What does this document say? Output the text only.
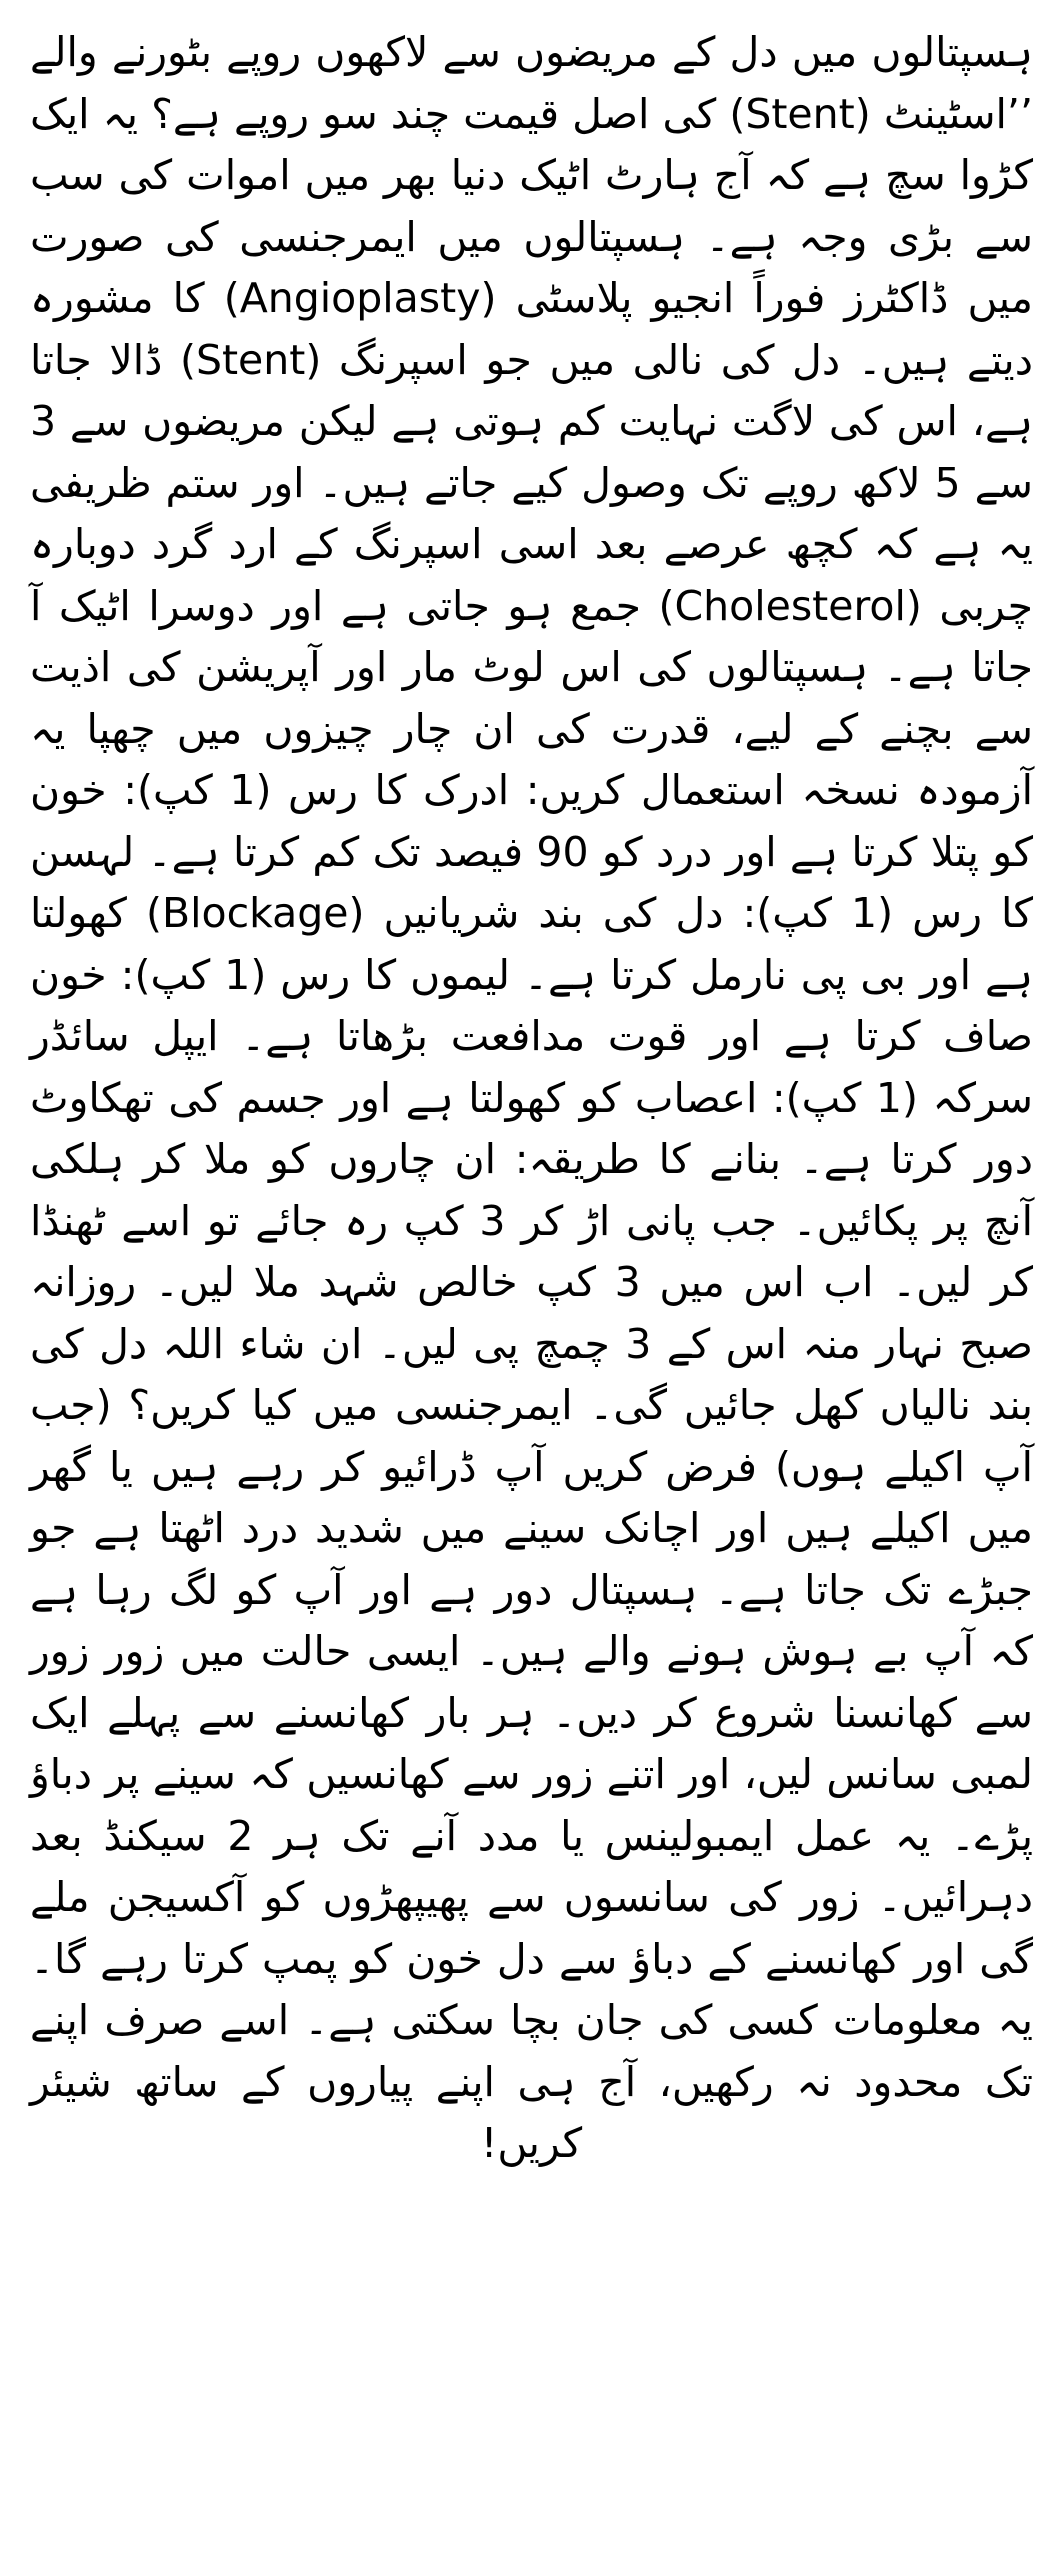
ہسپتالوں میں دل کے مریضوں سے لاکھوں روپے بٹورنے والے ’’اسٹینٹ (Stent) کی اصل قیمت چند سو روپے ہے؟ یہ ایک کڑوا سچ ہے کہ آج ہارٹ اٹیک دنیا بھر میں اموات کی سب سے بڑی وجہ ہے۔ ہسپتالوں میں ایمرجنسی کی صورت میں ڈاکٹرز فوراً انجیو پلاسٹی (Angioplasty) کا مشورہ دیتے ہیں۔ دل کی نالی میں جو اسپرنگ (Stent) ڈالا جاتا ہے، اس کی لاگت نہایت کم ہوتی ہے لیکن مریضوں سے 3 سے 5 لاکھ روپے تک وصول کیے جاتے ہیں۔ اور ستم ظریفی یہ ہے کہ کچھ عرصے بعد اسی اسپرنگ کے ارد گرد دوبارہ چربی (Cholesterol) جمع ہو جاتی ہے اور دوسرا اٹیک آ جاتا ہے۔ ہسپتالوں کی اس لوٹ مار اور آپریشن کی اذیت سے بچنے کے لیے، قدرت کی ان چار چیزوں میں چھپا یہ آزمودہ نسخہ استعمال کریں: ادرک کا رس (1 کپ): خون کو پتلا کرتا ہے اور درد کو 90 فیصد تک کم کرتا ہے۔ لہسن کا رس (1 کپ): دل کی بند شریانیں (Blockage) کھولتا ہے اور بی پی نارمل کرتا ہے۔ لیموں کا رس (1 کپ): خون صاف کرتا ہے اور قوت مدافعت بڑھاتا ہے۔ ایپل سائڈر سرکہ (1 کپ): اعصاب کو کھولتا ہے اور جسم کی تھکاوٹ دور کرتا ہے۔ بنانے کا طریقہ: ان چاروں کو ملا کر ہلکی آنچ پر پکائیں۔ جب پانی اڑ کر 3 کپ رہ جائے تو اسے ٹھنڈا کر لیں۔ اب اس میں 3 کپ خالص شہد ملا لیں۔ روزانہ صبح نہار منہ اس کے 3 چمچ پی لیں۔ ان شاء اللہ دل کی بند نالیاں کھل جائیں گی۔ ایمرجنسی میں کیا کریں؟ (جب آپ اکیلے ہوں) فرض کریں آپ ڈرائیو کر رہے ہیں یا گھر میں اکیلے ہیں اور اچانک سینے میں شدید درد اٹھتا ہے جو جبڑے تک جاتا ہے۔ ہسپتال دور ہے اور آپ کو لگ رہا ہے کہ آپ بے ہوش ہونے والے ہیں۔ ایسی حالت میں زور زور سے کھانسنا شروع کر دیں۔ ہر بار کھانسنے سے پہلے ایک لمبی سانس لیں، اور اتنے زور سے کھانسیں کہ سینے پر دباؤ پڑے۔ یہ عمل ایمبولینس یا مدد آنے تک ہر 2 سیکنڈ بعد دہرائیں۔ زور کی سانسوں سے پھیپھڑوں کو آکسیجن ملے گی اور کھانسنے کے دباؤ سے دل خون کو پمپ کرتا رہے گا۔ یہ معلومات کسی کی جان بچا سکتی ہے۔ اسے صرف اپنے تک محدود نہ رکھیں، آج ہی اپنے پیاروں کے ساتھ شیئر کریں!
